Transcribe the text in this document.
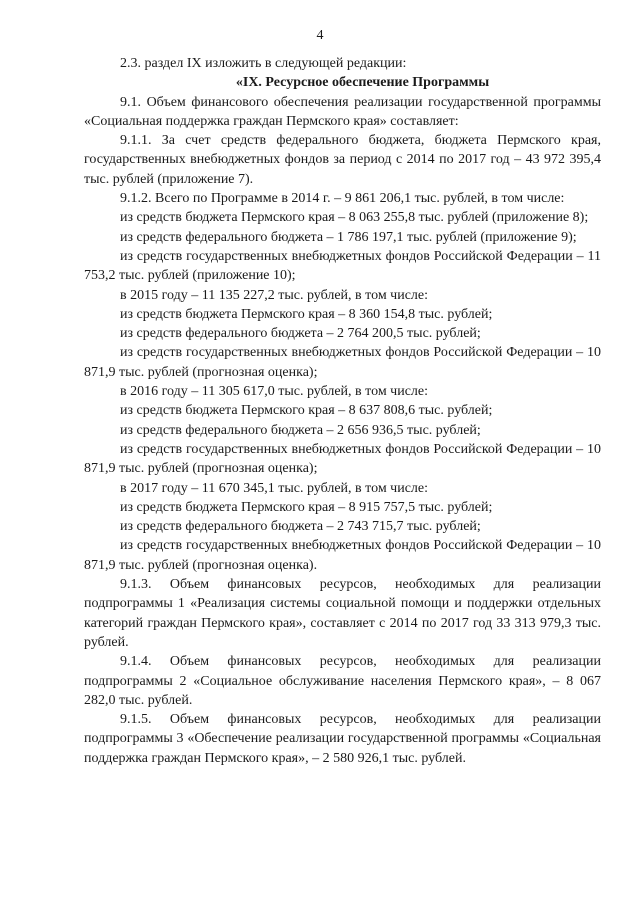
4

2.3. раздел IX изложить в следующей редакции:

«IX. Ресурсное обеспечение Программы

9.1. Объем финансового обеспечения реализации государственной программы «Социальная поддержка граждан Пермского края» составляет:

9.1.1. За счет средств федерального бюджета, бюджета Пермского края, государственных внебюджетных фондов за период с 2014 по 2017 год – 43 972 395,4 тыс. рублей (приложение 7).

9.1.2. Всего по Программе в 2014 г. – 9 861 206,1 тыс. рублей, в том числе:

из средств бюджета Пермского края – 8 063 255,8 тыс. рублей (приложение 8);

из средств федерального бюджета – 1 786 197,1 тыс. рублей (приложение 9);

из средств государственных внебюджетных фондов Российской Федерации – 11 753,2 тыс. рублей (приложение 10);

в 2015 году – 11 135 227,2 тыс. рублей, в том числе:

из средств бюджета Пермского края – 8 360 154,8 тыс. рублей;

из средств федерального бюджета – 2 764 200,5 тыс. рублей;

из средств государственных внебюджетных фондов Российской Федерации – 10 871,9 тыс. рублей (прогнозная оценка);

в 2016 году – 11 305 617,0 тыс. рублей, в том числе:

из средств бюджета Пермского края – 8 637 808,6 тыс. рублей;

из средств федерального бюджета – 2 656 936,5 тыс. рублей;

из средств государственных внебюджетных фондов Российской Федерации – 10 871,9 тыс. рублей (прогнозная оценка);

в 2017 году – 11 670 345,1 тыс. рублей, в том числе:

из средств бюджета Пермского края – 8 915 757,5 тыс. рублей;

из средств федерального бюджета – 2 743 715,7 тыс. рублей;

из средств государственных внебюджетных фондов Российской Федерации – 10 871,9 тыс. рублей (прогнозная оценка).

9.1.3. Объем финансовых ресурсов, необходимых для реализации подпрограммы 1 «Реализация системы социальной помощи и поддержки отдельных категорий граждан Пермского края», составляет с 2014 по 2017 год 33 313 979,3 тыс. рублей.

9.1.4. Объем финансовых ресурсов, необходимых для реализации подпрограммы 2 «Социальное обслуживание населения Пермского края», – 8 067 282,0 тыс. рублей.

9.1.5. Объем финансовых ресурсов, необходимых для реализации подпрограммы 3 «Обеспечение реализации государственной программы «Социальная поддержка граждан Пермского края», – 2 580 926,1 тыс. рублей.
